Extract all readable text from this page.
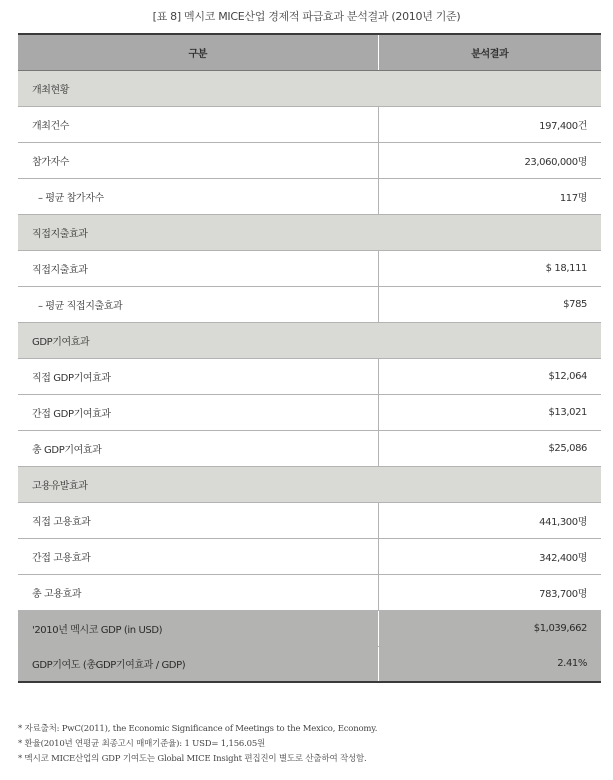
[표 8] 멕시코 MICE산업 경제적 파급효과 분석결과 (2010년 기준)
구분	분석결과
개최현황	
개최건수	197,400건
참가자수	23,060,000명
– 평균 참가자수	117명
직접지출효과	
직접지출효과	$ 18,111
– 평균 직접지출효과	$785
GDP기여효과	
직접 GDP기여효과	$12,064
간접 GDP기여효과	$13,021
총 GDP기여효과	$25,086
고용유발효과	
직접 고용효과	441,300명
간접 고용효과	342,400명
총 고용효과	783,700명
'2010년 멕시코 GDP (in USD)	$1,039,662
GDP기여도 (총GDP기여효과 / GDP)	2.41%
* 자료출처: PwC(2011), the Economic Significance of Meetings to the Mexico, Economy.
* 환율(2010년 연평균 최종고시 매매기준율): 1 USD= 1,156.05원
* 멕시코 MICE산업의 GDP 기여도는 Global MICE Insight 편집진이 별도로 산출하여 작성함.
